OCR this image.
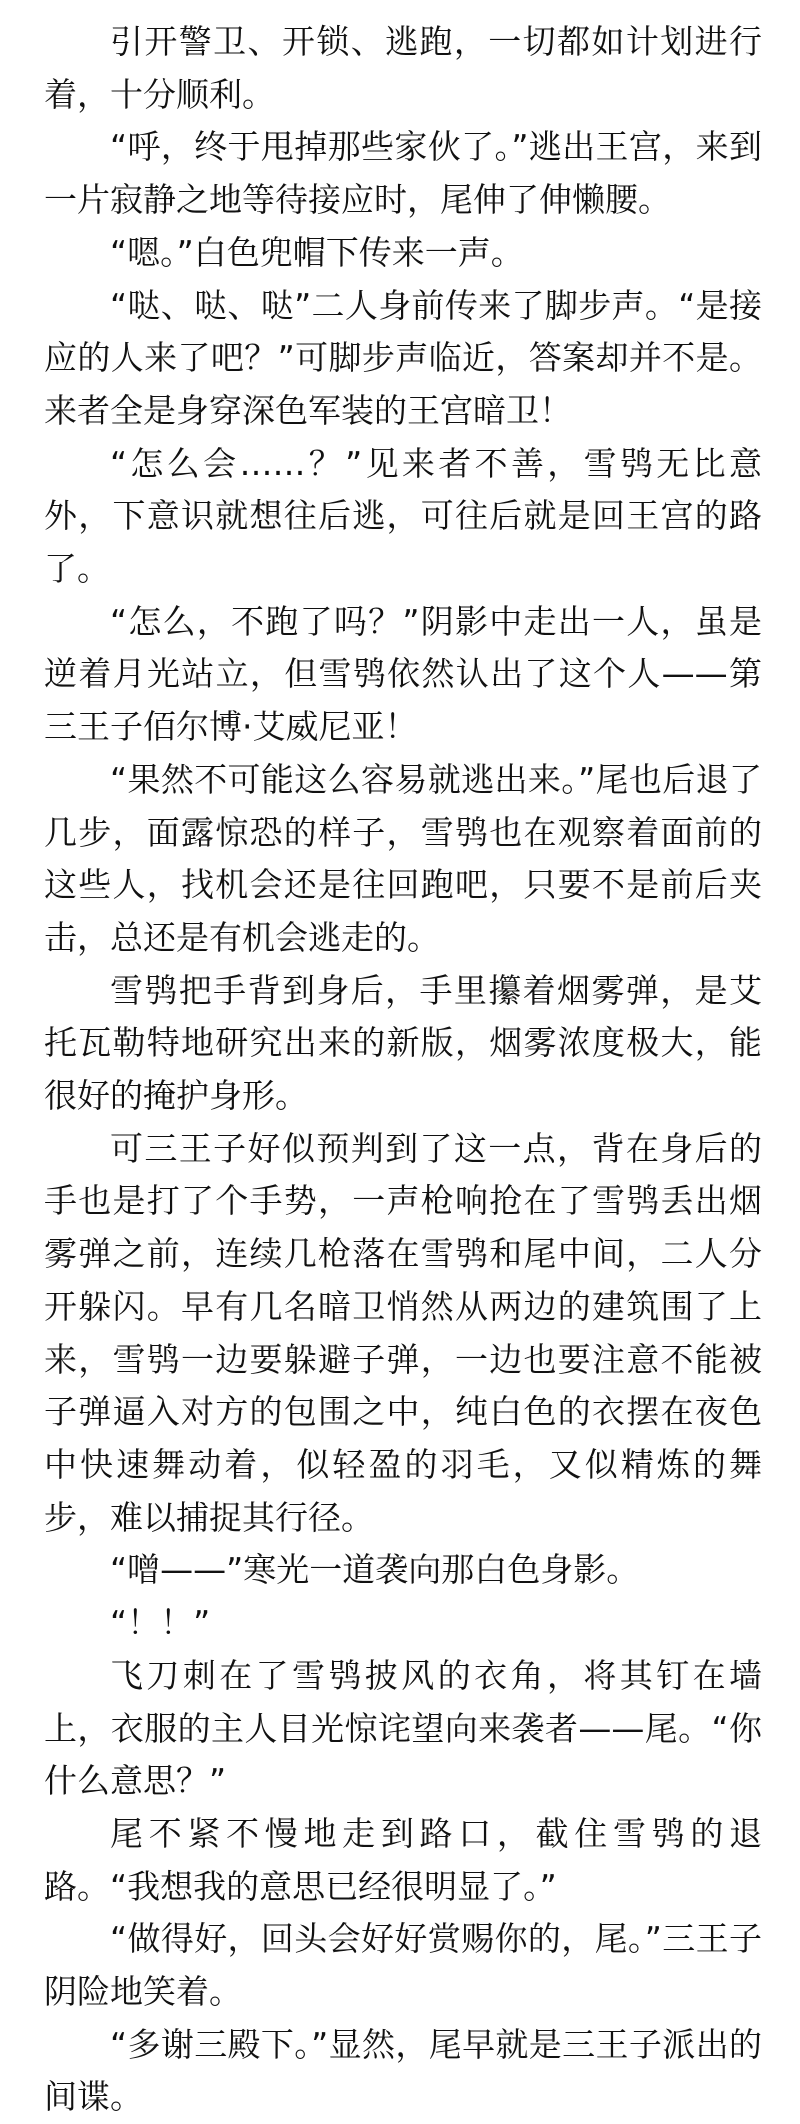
引开警卫、开锁、逃跑，一切都如计划进行着，十分顺利。

“呼，终于甩掉那些家伙了。”逃出王宫，来到一片寂静之地等待接应时，尾伸了伸懒腰。

“嗯。”白色兜帽下传来一声。

“哒、哒、哒”二人身前传来了脚步声。“是接应的人来了吧？”可脚步声临近，答案却并不是。来者全是身穿深色军装的王宫暗卫！

“怎么会……？”见来者不善，雪鸮无比意外，下意识就想往后逃，可往后就是回王宫的路了。

“怎么，不跑了吗？”阴影中走出一人，虽是逆着月光站立，但雪鸮依然认出了这个人——第三王子佰尔博·艾威尼亚！

“果然不可能这么容易就逃出来。”尾也后退了几步，面露惊恐的样子，雪鸮也在观察着面前的这些人，找机会还是往回跑吧，只要不是前后夹击，总还是有机会逃走的。

雪鸮把手背到身后，手里攥着烟雾弹，是艾托瓦勒特地研究出来的新版，烟雾浓度极大，能很好的掩护身形。

可三王子好似预判到了这一点，背在身后的手也是打了个手势，一声枪响抢在了雪鸮丢出烟雾弹之前，连续几枪落在雪鸮和尾中间，二人分开躲闪。早有几名暗卫悄然从两边的建筑围了上来，雪鸮一边要躲避子弹，一边也要注意不能被子弹逼入对方的包围之中，纯白色的衣摆在夜色中快速舞动着，似轻盈的羽毛，又似精炼的舞步，难以捕捉其行径。

“噌——”寒光一道袭向那白色身影。

“！！”

飞刀刺在了雪鸮披风的衣角，将其钉在墙上，衣服的主人目光惊诧望向来袭者——尾。“你什么意思？”

尾不紧不慢地走到路口，截住雪鸮的退路。“我想我的意思已经很明显了。”

“做得好，回头会好好赏赐你的，尾。”三王子阴险地笑着。

“多谢三殿下。”显然，尾早就是三王子派出的间谍。
